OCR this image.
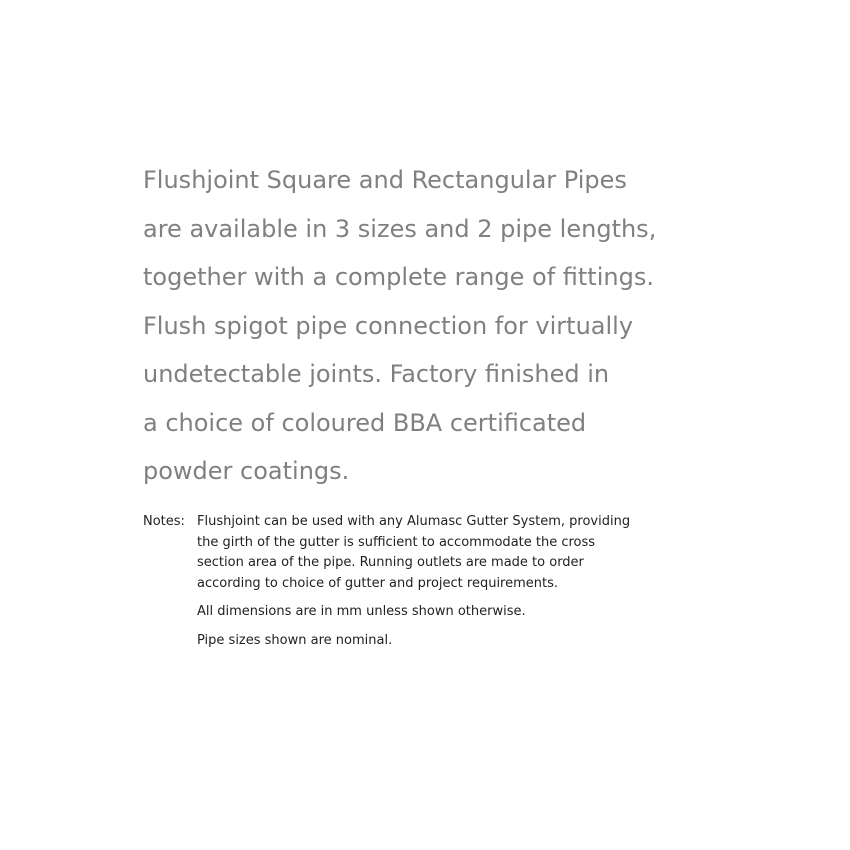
Flushjoint Square and Rectangular Pipes
are available in 3 sizes and 2 pipe lengths,
together with a complete range of fittings.
Flush spigot pipe connection for virtually
undetectable joints. Factory finished in
a choice of coloured BBA certificated
powder coatings.
Notes: Flushjoint can be used with any Alumasc Gutter System, providing
the girth of the gutter is sufficient to accommodate the cross
section area of the pipe. Running outlets are made to order
according to choice of gutter and project requirements.
All dimensions are in mm unless shown otherwise.
Pipe sizes shown are nominal.
